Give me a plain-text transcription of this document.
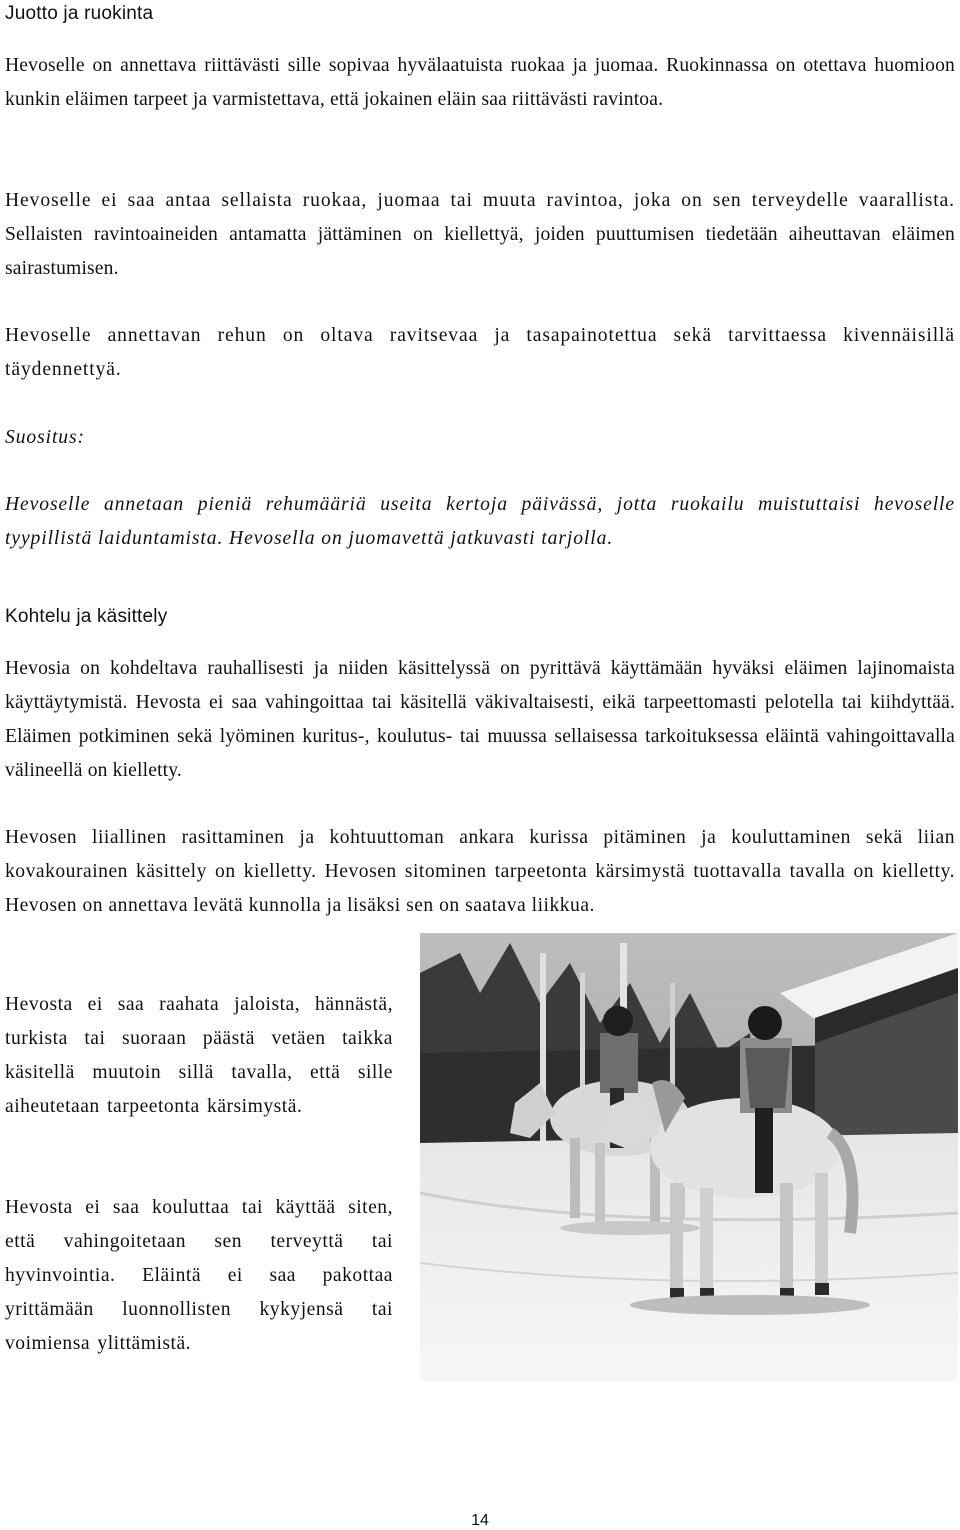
Juotto ja ruokinta

Hevoselle on annettava riittävästi sille sopivaa hyvälaatuista ruokaa ja juomaa. Ruokinnassa on otettava huomioon kunkin eläimen tarpeet ja varmistettava, että jokainen eläin saa riittävästi ravintoa.

Hevoselle ei saa antaa sellaista ruokaa, juomaa tai muuta ravintoa, joka on sen terveydelle vaarallista. Sellaisten ravintoaineiden antamatta jättäminen on kiellettyä, joiden puuttumisen tiedetään aiheuttavan eläimen sairastumisen.

Hevoselle annettavan rehun on oltava ravitsevaa ja tasapainotettua sekä tarvittaessa kivennäisillä täydennettyä.

Suositus:

Hevoselle annetaan pieniä rehumääriä useita kertoja päivässä, jotta ruokailu muistuttaisi hevoselle tyypillistä laiduntamista. Hevosella on juomavettä jatkuvasti tarjolla.

Kohtelu ja käsittely

Hevosia on kohdeltava rauhallisesti ja niiden käsittelyssä on pyrittävä käyttämään hyväksi eläimen lajinomaista käyttäytymistä. Hevosta ei saa vahingoittaa tai käsitellä väkivaltaisesti, eikä tarpeettomasti pelotella tai kiihdyttää. Eläimen potkiminen sekä lyöminen kuritus-, koulutus- tai muussa sellaisessa tarkoituksessa eläintä vahingoittavalla välineellä on kielletty.

Hevosen liiallinen rasittaminen ja kohtuuttoman ankara kurissa pitäminen ja kouluttaminen sekä liian kovakourainen käsittely on kielletty. Hevosen sitominen tarpeetonta kärsimystä tuottavalla tavalla on kielletty. Hevosen on annettava levätä kunnolla ja lisäksi sen on saatava liikkua.

Hevosta ei saa raahata jaloista, hännästä, turkista tai suoraan päästä vetäen taikka käsitellä muutoin sillä tavalla, että sille aiheutetaan tarpeetonta kärsimystä.

Hevosta ei saa kouluttaa tai käyttää siten, että vahingoitetaan sen terveyttä tai hyvinvointia. Eläintä ei saa pakottaa yrittämään luonnollisten kykyjensä tai voimiensa ylittämistä.

14
